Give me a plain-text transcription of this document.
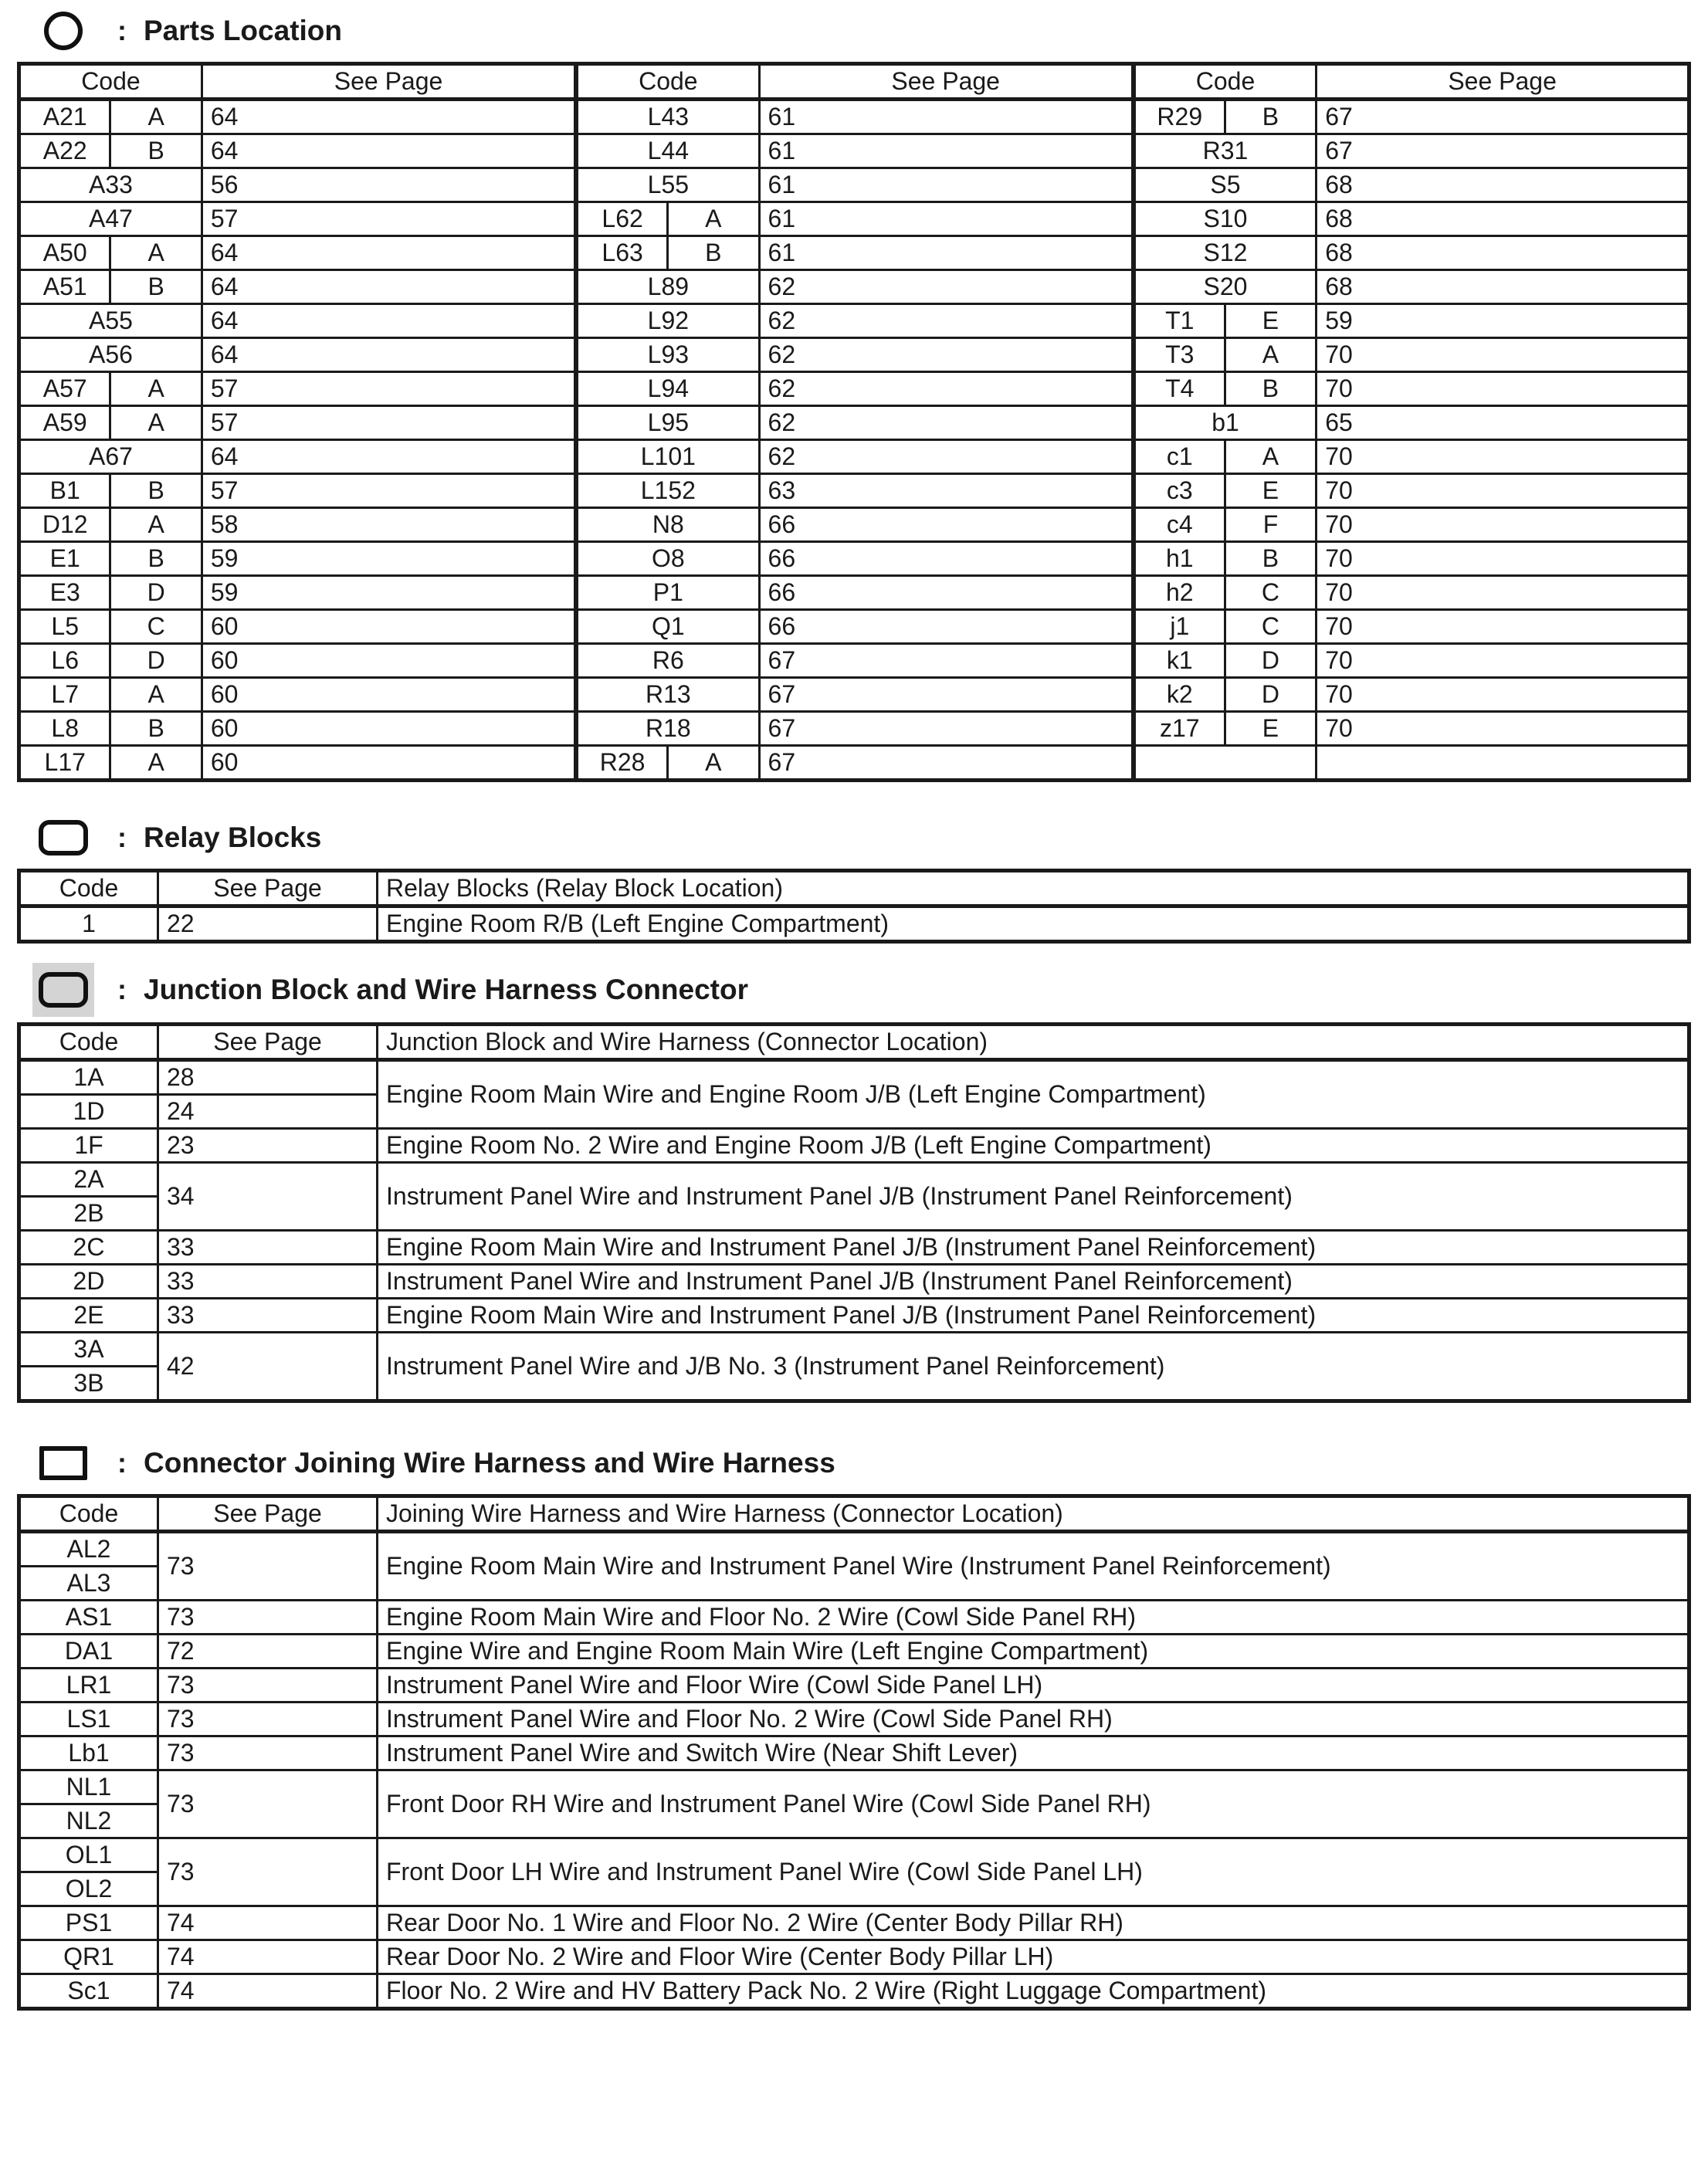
: Parts Location
Code		See Page	Code		See Page	Code		See Page
A21	A	64	L43		61	R29	B	67
A22	B	64	L44		61	R31		67
A33		56	L55		61	S5		68
A47		57	L62	A	61	S10		68
A50	A	64	L63	B	61	S12		68
A51	B	64	L89		62	S20		68
A55		64	L92		62	T1	E	59
A56		64	L93		62	T3	A	70
A57	A	57	L94		62	T4	B	70
A59	A	57	L95		62	b1		65
A67		64	L101		62	c1	A	70
B1	B	57	L152		63	c3	E	70
D12	A	58	N8		66	c4	F	70
E1	B	59	O8		66	h1	B	70
E3	D	59	P1		66	h2	C	70
L5	C	60	Q1		66	j1	C	70
L6	D	60	R6		67	k1	D	70
L7	A	60	R13		67	k2	D	70
L8	B	60	R18		67	z17	E	70
L17	A	60	R28	A	67			
: Relay Blocks
Code	See Page	Relay Blocks (Relay Block Location)
1	22	Engine Room R/B (Left Engine Compartment)
: Junction Block and Wire Harness Connector
Code	See Page	Junction Block and Wire Harness (Connector Location)
1A	28	Engine Room Main Wire and Engine Room J/B (Left Engine Compartment)
1D	24	
1F	23	Engine Room No. 2 Wire and Engine Room J/B (Left Engine Compartment)
2A	34	Instrument Panel Wire and Instrument Panel J/B (Instrument Panel Reinforcement)
2B		
2C	33	Engine Room Main Wire and Instrument Panel J/B (Instrument Panel Reinforcement)
2D	33	Instrument Panel Wire and Instrument Panel J/B (Instrument Panel Reinforcement)
2E	33	Engine Room Main Wire and Instrument Panel J/B (Instrument Panel Reinforcement)
3A	42	Instrument Panel Wire and J/B No. 3 (Instrument Panel Reinforcement)
3B		
: Connector Joining Wire Harness and Wire Harness
Code	See Page	Joining Wire Harness and Wire Harness (Connector Location)
AL2	73	Engine Room Main Wire and Instrument Panel Wire (Instrument Panel Reinforcement)
AL3		
AS1	73	Engine Room Main Wire and Floor No. 2 Wire (Cowl Side Panel RH)
DA1	72	Engine Wire and Engine Room Main Wire (Left Engine Compartment)
LR1	73	Instrument Panel Wire and Floor Wire (Cowl Side Panel LH)
LS1	73	Instrument Panel Wire and Floor No. 2 Wire (Cowl Side Panel RH)
Lb1	73	Instrument Panel Wire and Switch Wire (Near Shift Lever)
NL1	73	Front Door RH Wire and Instrument Panel Wire (Cowl Side Panel RH)
NL2		
OL1	73	Front Door LH Wire and Instrument Panel Wire (Cowl Side Panel LH)
OL2		
PS1	74	Rear Door No. 1 Wire and Floor No. 2 Wire (Center Body Pillar RH)
QR1	74	Rear Door No. 2 Wire and Floor Wire (Center Body Pillar LH)
Sc1	74	Floor No. 2 Wire and HV Battery Pack No. 2 Wire (Right Luggage Compartment)
